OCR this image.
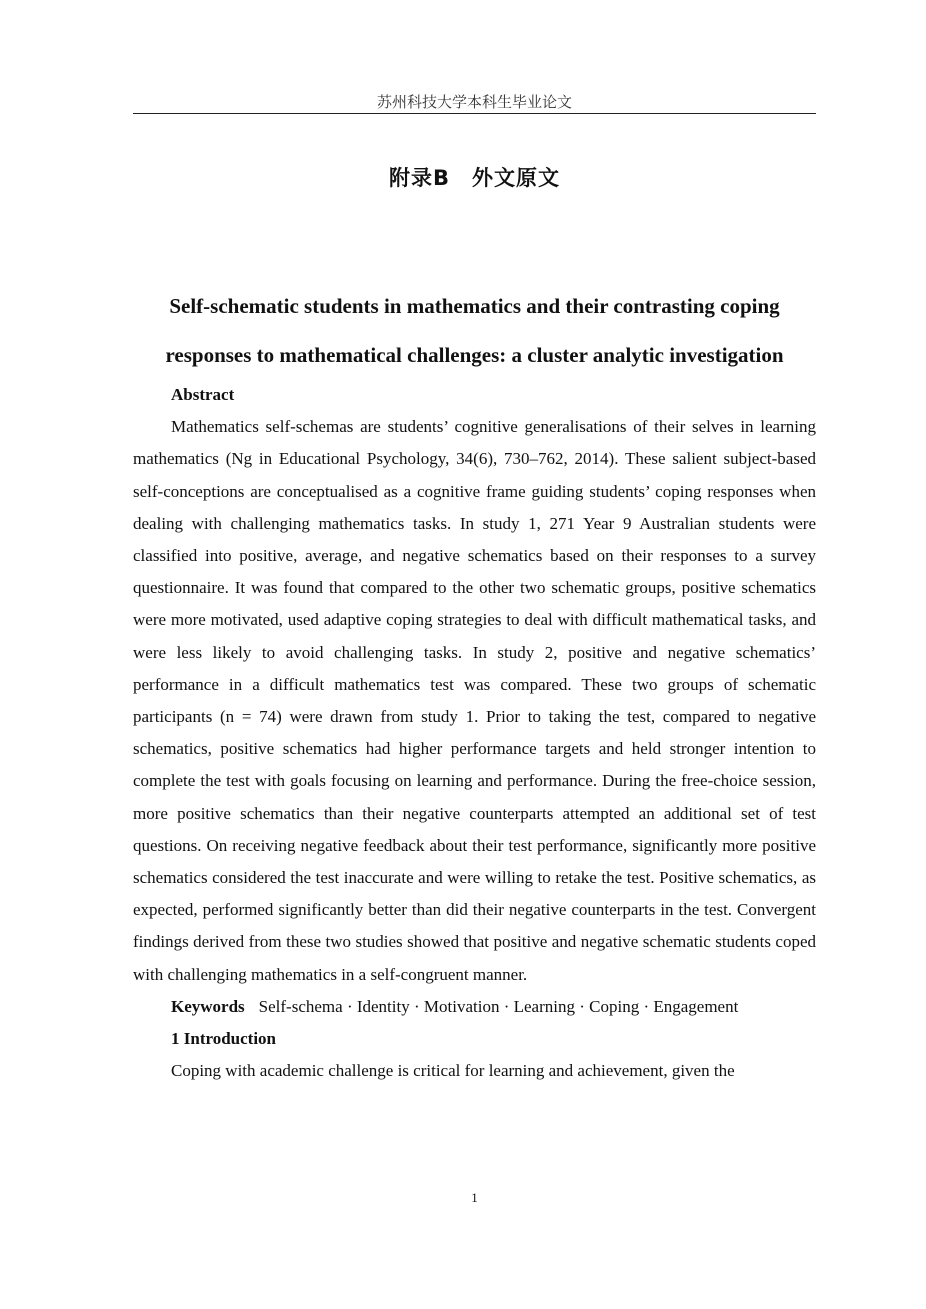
苏州科技大学本科生毕业论文
附录B　外文原文
Self-schematic students in mathematics and their contrasting coping
responses to mathematical challenges: a cluster analytic investigation
Abstract

Mathematics self-schemas are students’ cognitive generalisations of their selves in learning mathematics (Ng in Educational Psychology, 34(6), 730–762, 2014). These salient subject-based self-conceptions are conceptualised as a cognitive frame guiding students’ coping responses when dealing with challenging mathematics tasks. In study 1, 271 Year 9 Australian students were classified into positive, average, and negative schematics based on their responses to a survey questionnaire. It was found that compared to the other two schematic groups, positive schematics were more motivated, used adaptive coping strategies to deal with difficult mathematical tasks, and were less likely to avoid challenging tasks. In study 2, positive and negative schematics’ performance in a difficult mathematics test was compared. These two groups of schematic participants (n = 74) were drawn from study 1. Prior to taking the test, compared to negative schematics, positive schematics had higher performance targets and held stronger intention to complete the test with goals focusing on learning and performance. During the free-choice session, more positive schematics than their negative counterparts attempted an additional set of test questions. On receiving negative feedback about their test performance, significantly more positive schematics considered the test inaccurate and were willing to retake the test. Positive schematics, as expected, performed significantly better than did their negative counterparts in the test. Convergent findings derived from these two studies showed that positive and negative schematic students coped with challenging mathematics in a self-congruent manner.

Keywords Self-schema · Identity · Motivation · Learning · Coping · Engagement
1 Introduction

Coping with academic challenge is critical for learning and achievement, given the

1
